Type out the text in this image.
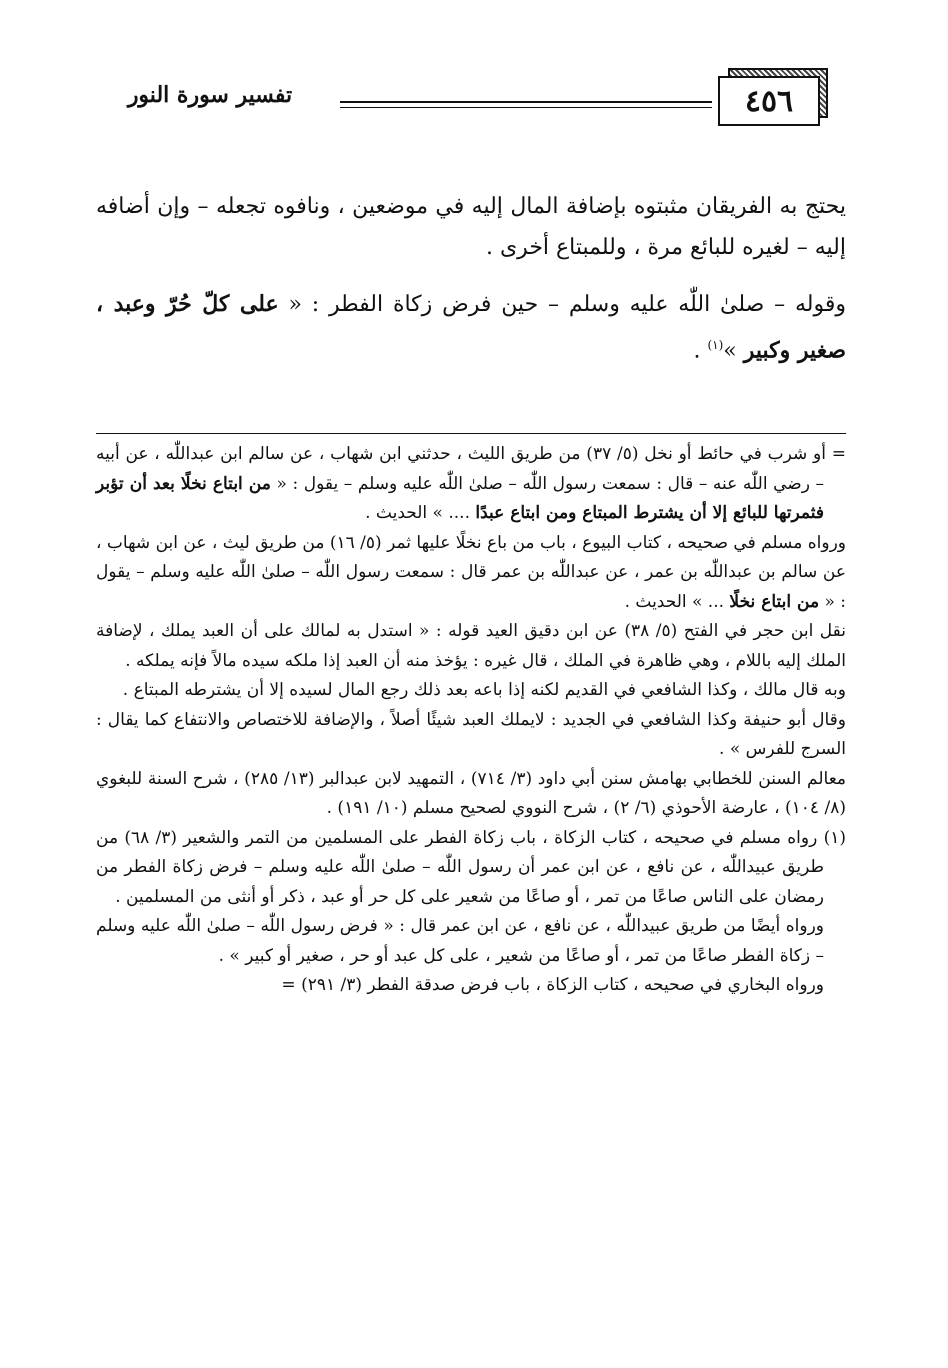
٤٥٦
تفسير سورة النور

يحتج به الفريقان مثبتوه بإضافة المال إليه في موضعين ، ونافوه تجعله – وإن أضافه إليه – لغيره للبائع مرة ، وللمبتاع أخرى .

وقوله – صلىٰ اللّٰه عليه وسلم – حين فرض زكاة الفطر : « على كلّ حُرّ وعبد ، صغير وكبير »$^{(١)}$ .

= أو شرب في حائط أو نخل (٥/ ٣٧) من طريق الليث ، حدثني ابن شهاب ، عن سالم ابن عبداللّٰه ، عن أبيه – رضي اللّٰه عنه – قال : سمعت رسول اللّٰه – صلىٰ اللّٰه عليه وسلم – يقول : « من ابتاع نخلًا بعد أن تؤبر فثمرتها للبائع إلا أن يشترط المبتاع ومن ابتاع عبدًا .... » الحديث .

ورواه مسلم في صحيحه ، كتاب البيوع ، باب من باع نخلًا عليها ثمر (٥/ ١٦) من طريق ليث ، عن ابن شهاب ، عن سالم بن عبداللّٰه بن عمر ، عن عبداللّٰه بن عمر قال : سمعت رسول اللّٰه – صلىٰ اللّٰه عليه وسلم – يقول : « من ابتاع نخلًا ... » الحديث .

نقل ابن حجر في الفتح (٥/ ٣٨) عن ابن دقيق العيد قوله : « استدل به لمالك على أن العبد يملك ، لإضافة الملك إليه باللام ، وهي ظاهرة في الملك ، قال غيره : يؤخذ منه أن العبد إذا ملكه سيده مالاً فإنه يملكه .

وبه قال مالك ، وكذا الشافعي في القديم لكنه إذا باعه بعد ذلك رجع المال لسيده إلا أن يشترطه المبتاع .

وقال أبو حنيفة وكذا الشافعي في الجديد : لايملك العبد شيئًا أصلاً ، والإضافة للاختصاص والانتفاع كما يقال : السرج للفرس » .

معالم السنن للخطابي بهامش سنن أبي داود (٣/ ٧١٤) ، التمهيد لابن عبدالبر (١٣/ ٢٨٥) ، شرح السنة للبغوي (٨/ ١٠٤) ، عارضة الأحوذي (٦/ ٢) ، شرح النووي لصحيح مسلم (١٠/ ١٩١) .

(١) رواه مسلم في صحيحه ، كتاب الزكاة ، باب زكاة الفطر على المسلمين من التمر والشعير (٣/ ٦٨) من طريق عبيداللّٰه ، عن نافع ، عن ابن عمر أن رسول اللّٰه – صلىٰ اللّٰه عليه وسلم – فرض زكاة الفطر من رمضان على الناس صاعًا من تمر ، أو صاعًا من شعير على كل حر أو عبد ، ذكر أو أنثى من المسلمين .

ورواه أيضًا من طريق عبيداللّٰه ، عن نافع ، عن ابن عمر قال : « فرض رسول اللّٰه – صلىٰ اللّٰه عليه وسلم – زكاة الفطر صاعًا من تمر ، أو صاعًا من شعير ، على كل عبد أو حر ، صغير أو كبير » .

ورواه البخاري في صحيحه ، كتاب الزكاة ، باب فرض صدقة الفطر (٣/ ٢٩١) =
